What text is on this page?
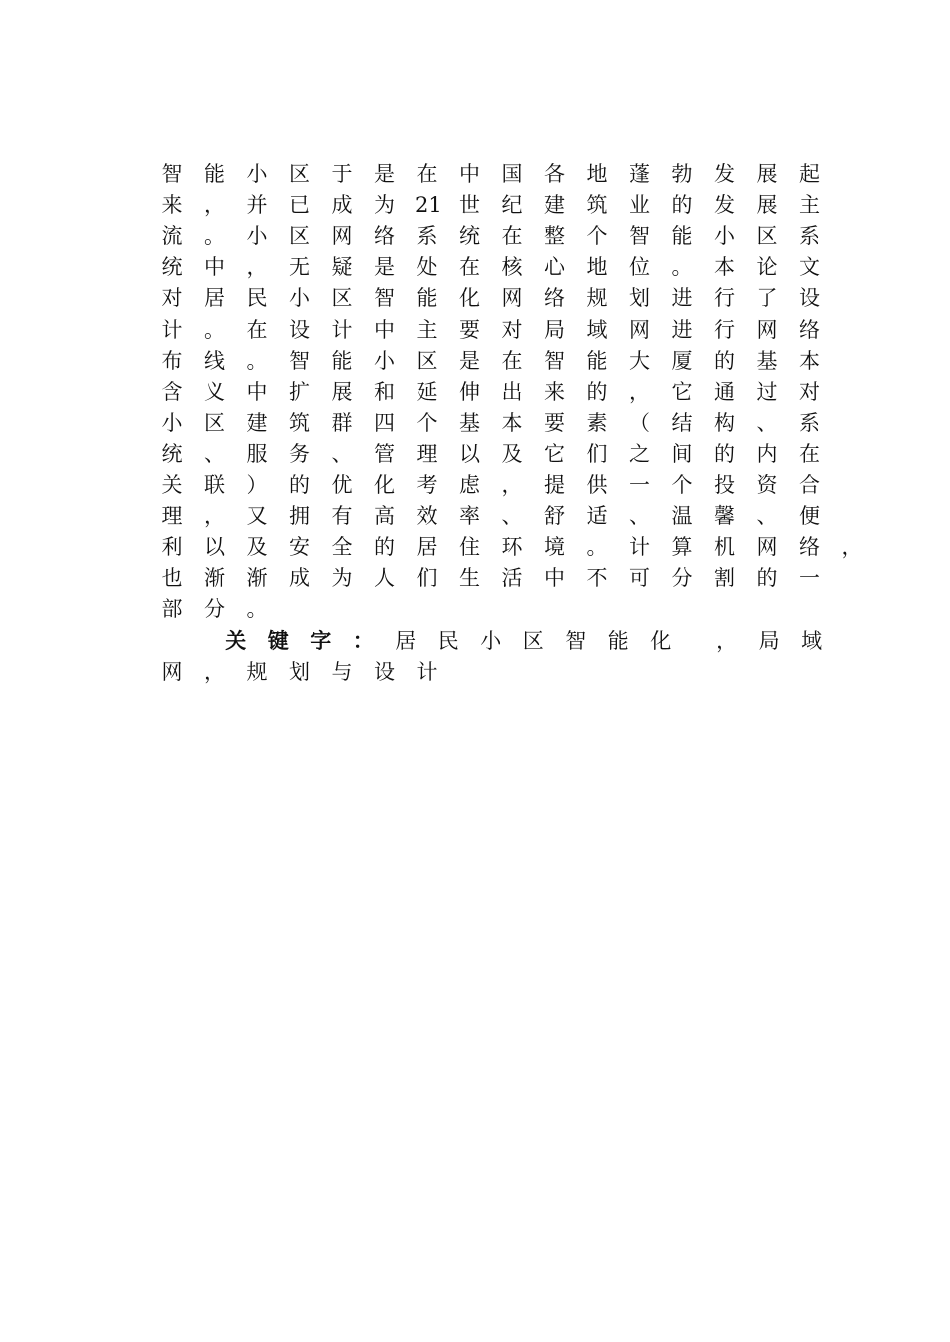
智 能 小 区 于 是 在 中 国 各 地 蓬 勃 发 展 起
来 ， 并 已 成 为 21 世 纪 建 筑 业 的 发 展 主
流 。 小 区 网 络 系 统 在 整 个 智 能 小 区 系
统 中 ， 无 疑 是 处 在 核 心 地 位 。 本 论 文
对 居 民 小 区 智 能 化 网 络 规 划 进 行 了 设
计 。 在 设 计 中 主 要 对 局 域 网 进 行 网 络
布 线 。 智 能 小 区 是 在 智 能 大 厦 的 基 本
含 义 中 扩 展 和 延 伸 出 来 的 ， 它 通 过 对
小 区 建 筑 群 四 个 基 本 要 素 （ 结 构 、 系
统 、 服 务 、 管 理 以 及 它 们 之 间 的 内 在
关 联 ） 的 优 化 考 虑 ， 提 供 一 个 投 资 合
理 ， 又 拥 有 高 效 率 、 舒 适 、 温 馨 、 便
利 以 及 安 全 的 居 住 环 境 。 计 算 机 网 络 ，
也 渐 渐 成 为 人 们 生 活 中 不 可 分 割 的 一
部 分 。
关 键 字 ： 居 民 小 区 智 能 化 ， 局 域
网 ， 规 划 与 设 计
